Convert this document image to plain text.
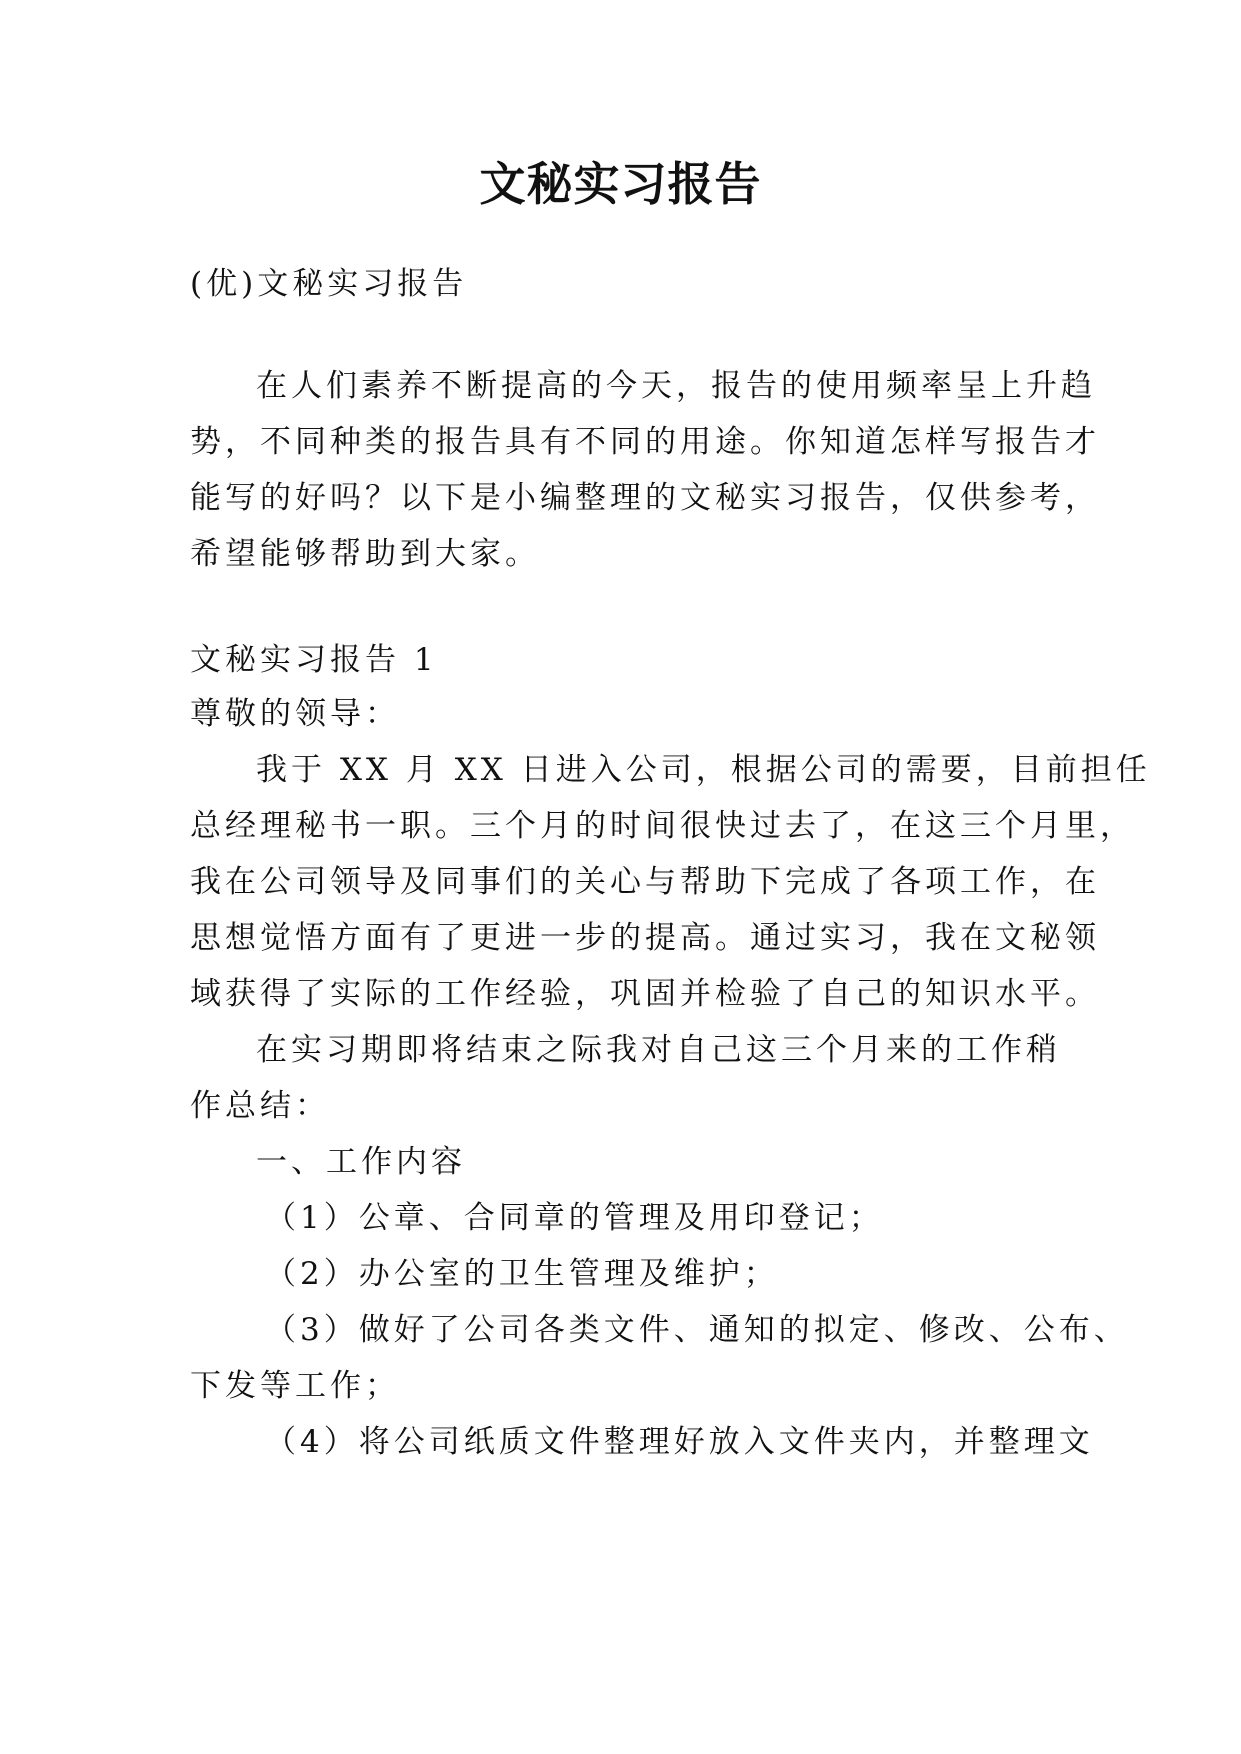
文秘实习报告
(优)文秘实习报告
在人们素养不断提高的今天，报告的使用频率呈上升趋
势，不同种类的报告具有不同的用途。你知道怎样写报告才
能写的好吗？以下是小编整理的文秘实习报告，仅供参考，
希望能够帮助到大家。
文秘实习报告 1
尊敬的领导：
我于 XX 月 XX 日进入公司，根据公司的需要，目前担任
总经理秘书一职。三个月的时间很快过去了，在这三个月里，
我在公司领导及同事们的关心与帮助下完成了各项工作，在
思想觉悟方面有了更进一步的提高。通过实习，我在文秘领
域获得了实际的工作经验，巩固并检验了自己的知识水平。
在实习期即将结束之际我对自己这三个月来的工作稍
作总结：
一、工作内容
（1）公章、合同章的管理及用印登记；
（2）办公室的卫生管理及维护；
（3）做好了公司各类文件、通知的拟定、修改、公布、
下发等工作；
（4）将公司纸质文件整理好放入文件夹内，并整理文
